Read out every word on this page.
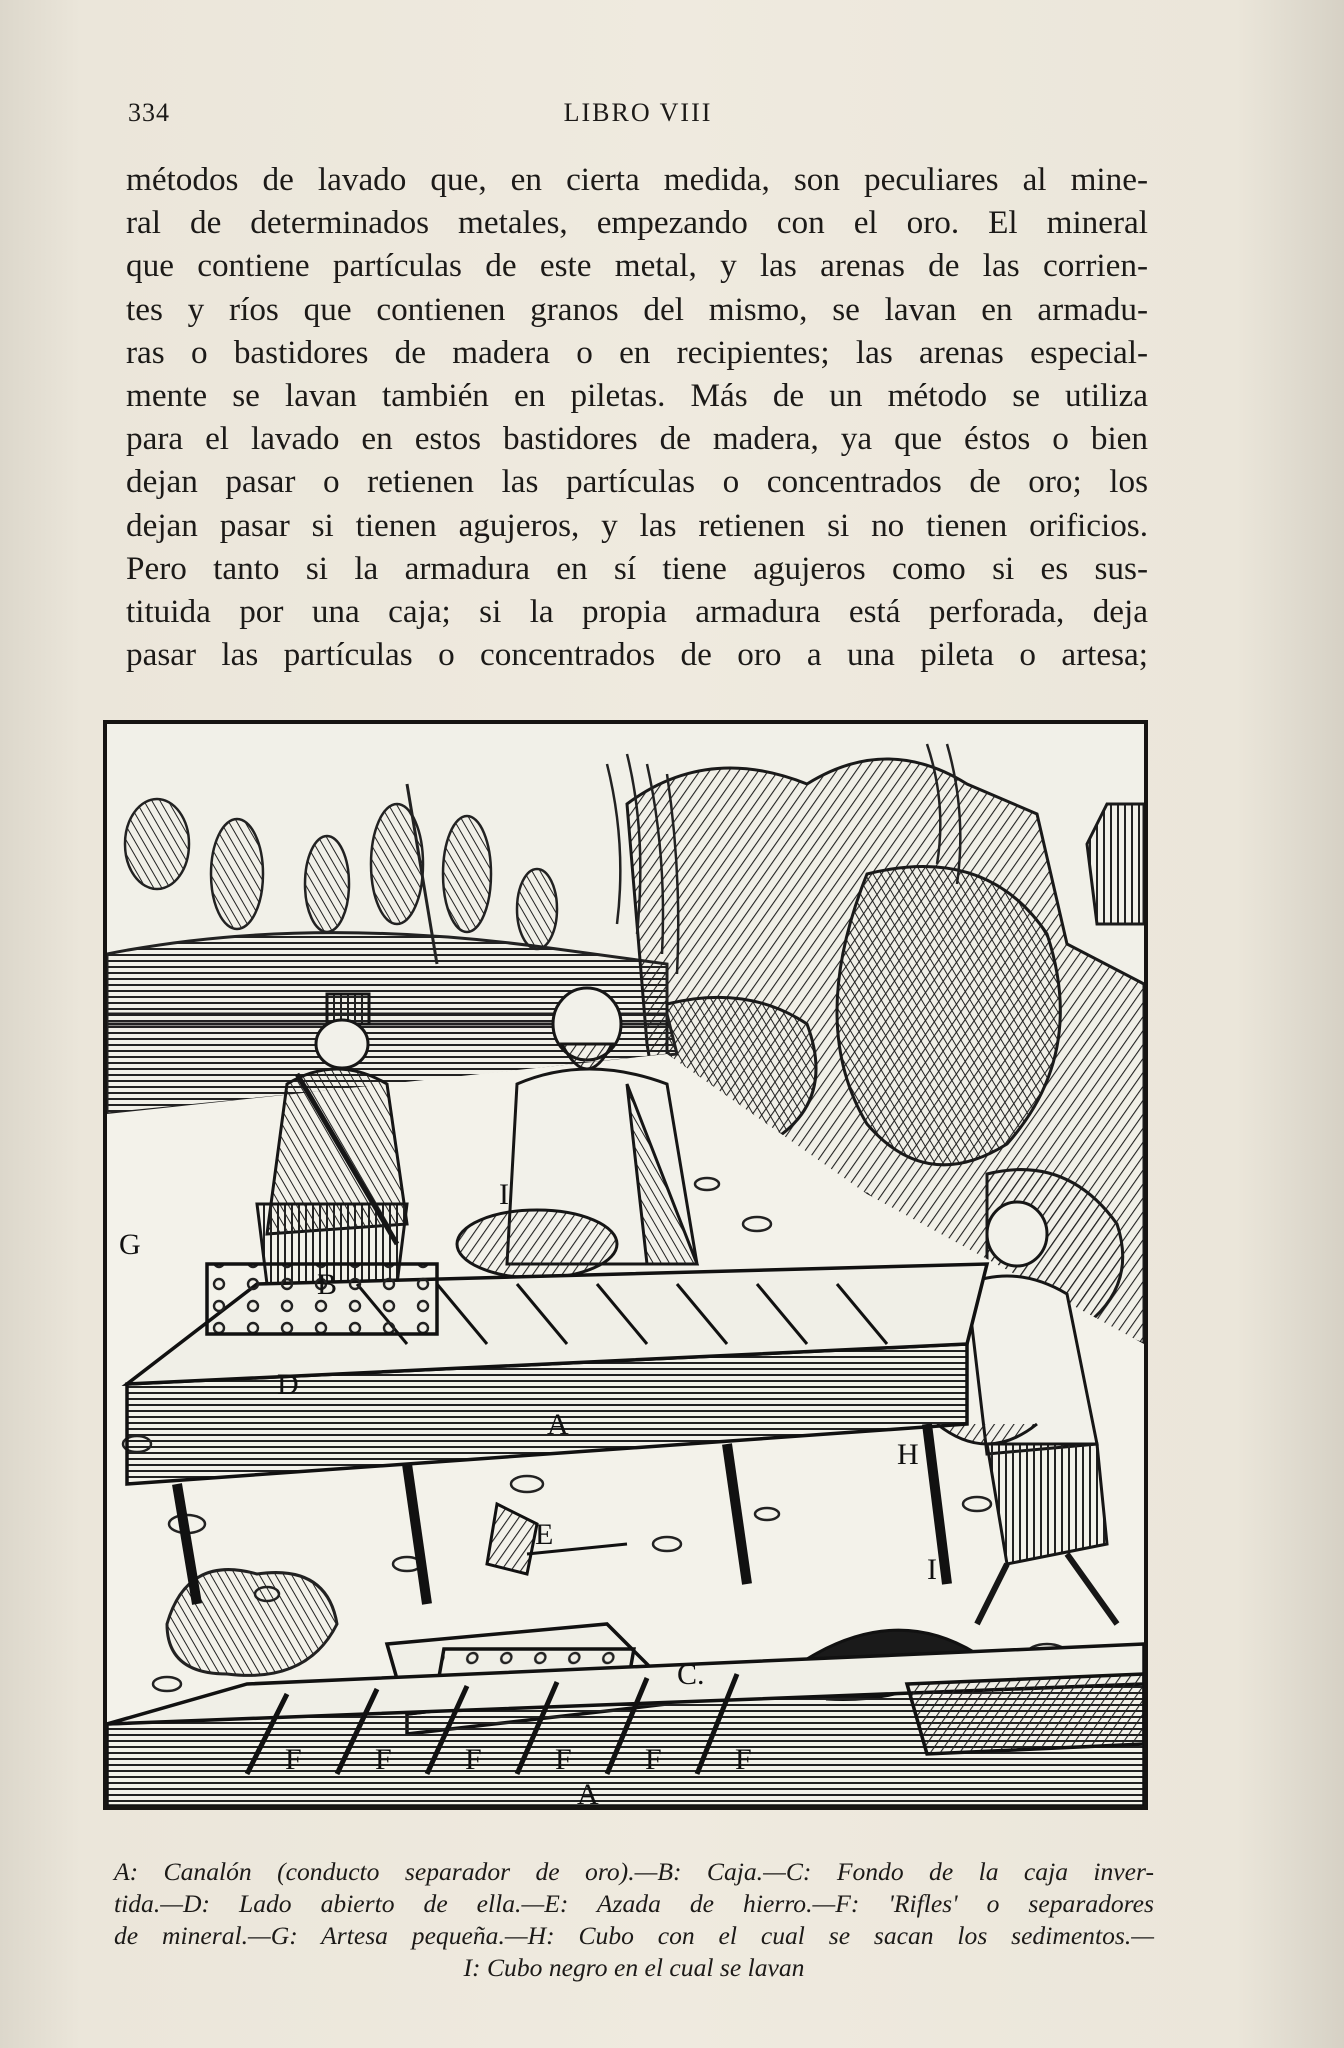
334	LIBRO VIII
métodos de lavado que, en cierta medida, son peculiares al mine-
ral de determinados metales, empezando con el oro. El mineral
que contiene partículas de este metal, y las arenas de las corrien-
tes y ríos que contienen granos del mismo, se lavan en armadu-
ras o bastidores de madera o en recipientes; las arenas especial-
mente se lavan también en piletas. Más de un método se utiliza
para el lavado en estos bastidores de madera, ya que éstos o bien
dejan pasar o retienen las partículas o concentrados de oro; los
dejan pasar si tienen agujeros, y las retienen si no tienen orificios.
Pero tanto si la armadura en sí tiene agujeros como si es sus-
tituida por una caja; si la propia armadura está perforada, deja
pasar las partículas o concentrados de oro a una pileta o artesa;
A
B
C.
D
E
F F F F F F
G
H
I
I
A
A: Canalón (conducto separador de oro).—B: Caja.—C: Fondo de la caja inver-
tida.—D: Lado abierto de ella.—E: Azada de hierro.—F: 'Rifles' o separadores
de mineral.—G: Artesa pequeña.—H: Cubo con el cual se sacan los sedimentos.—
I: Cubo negro en el cual se lavan
